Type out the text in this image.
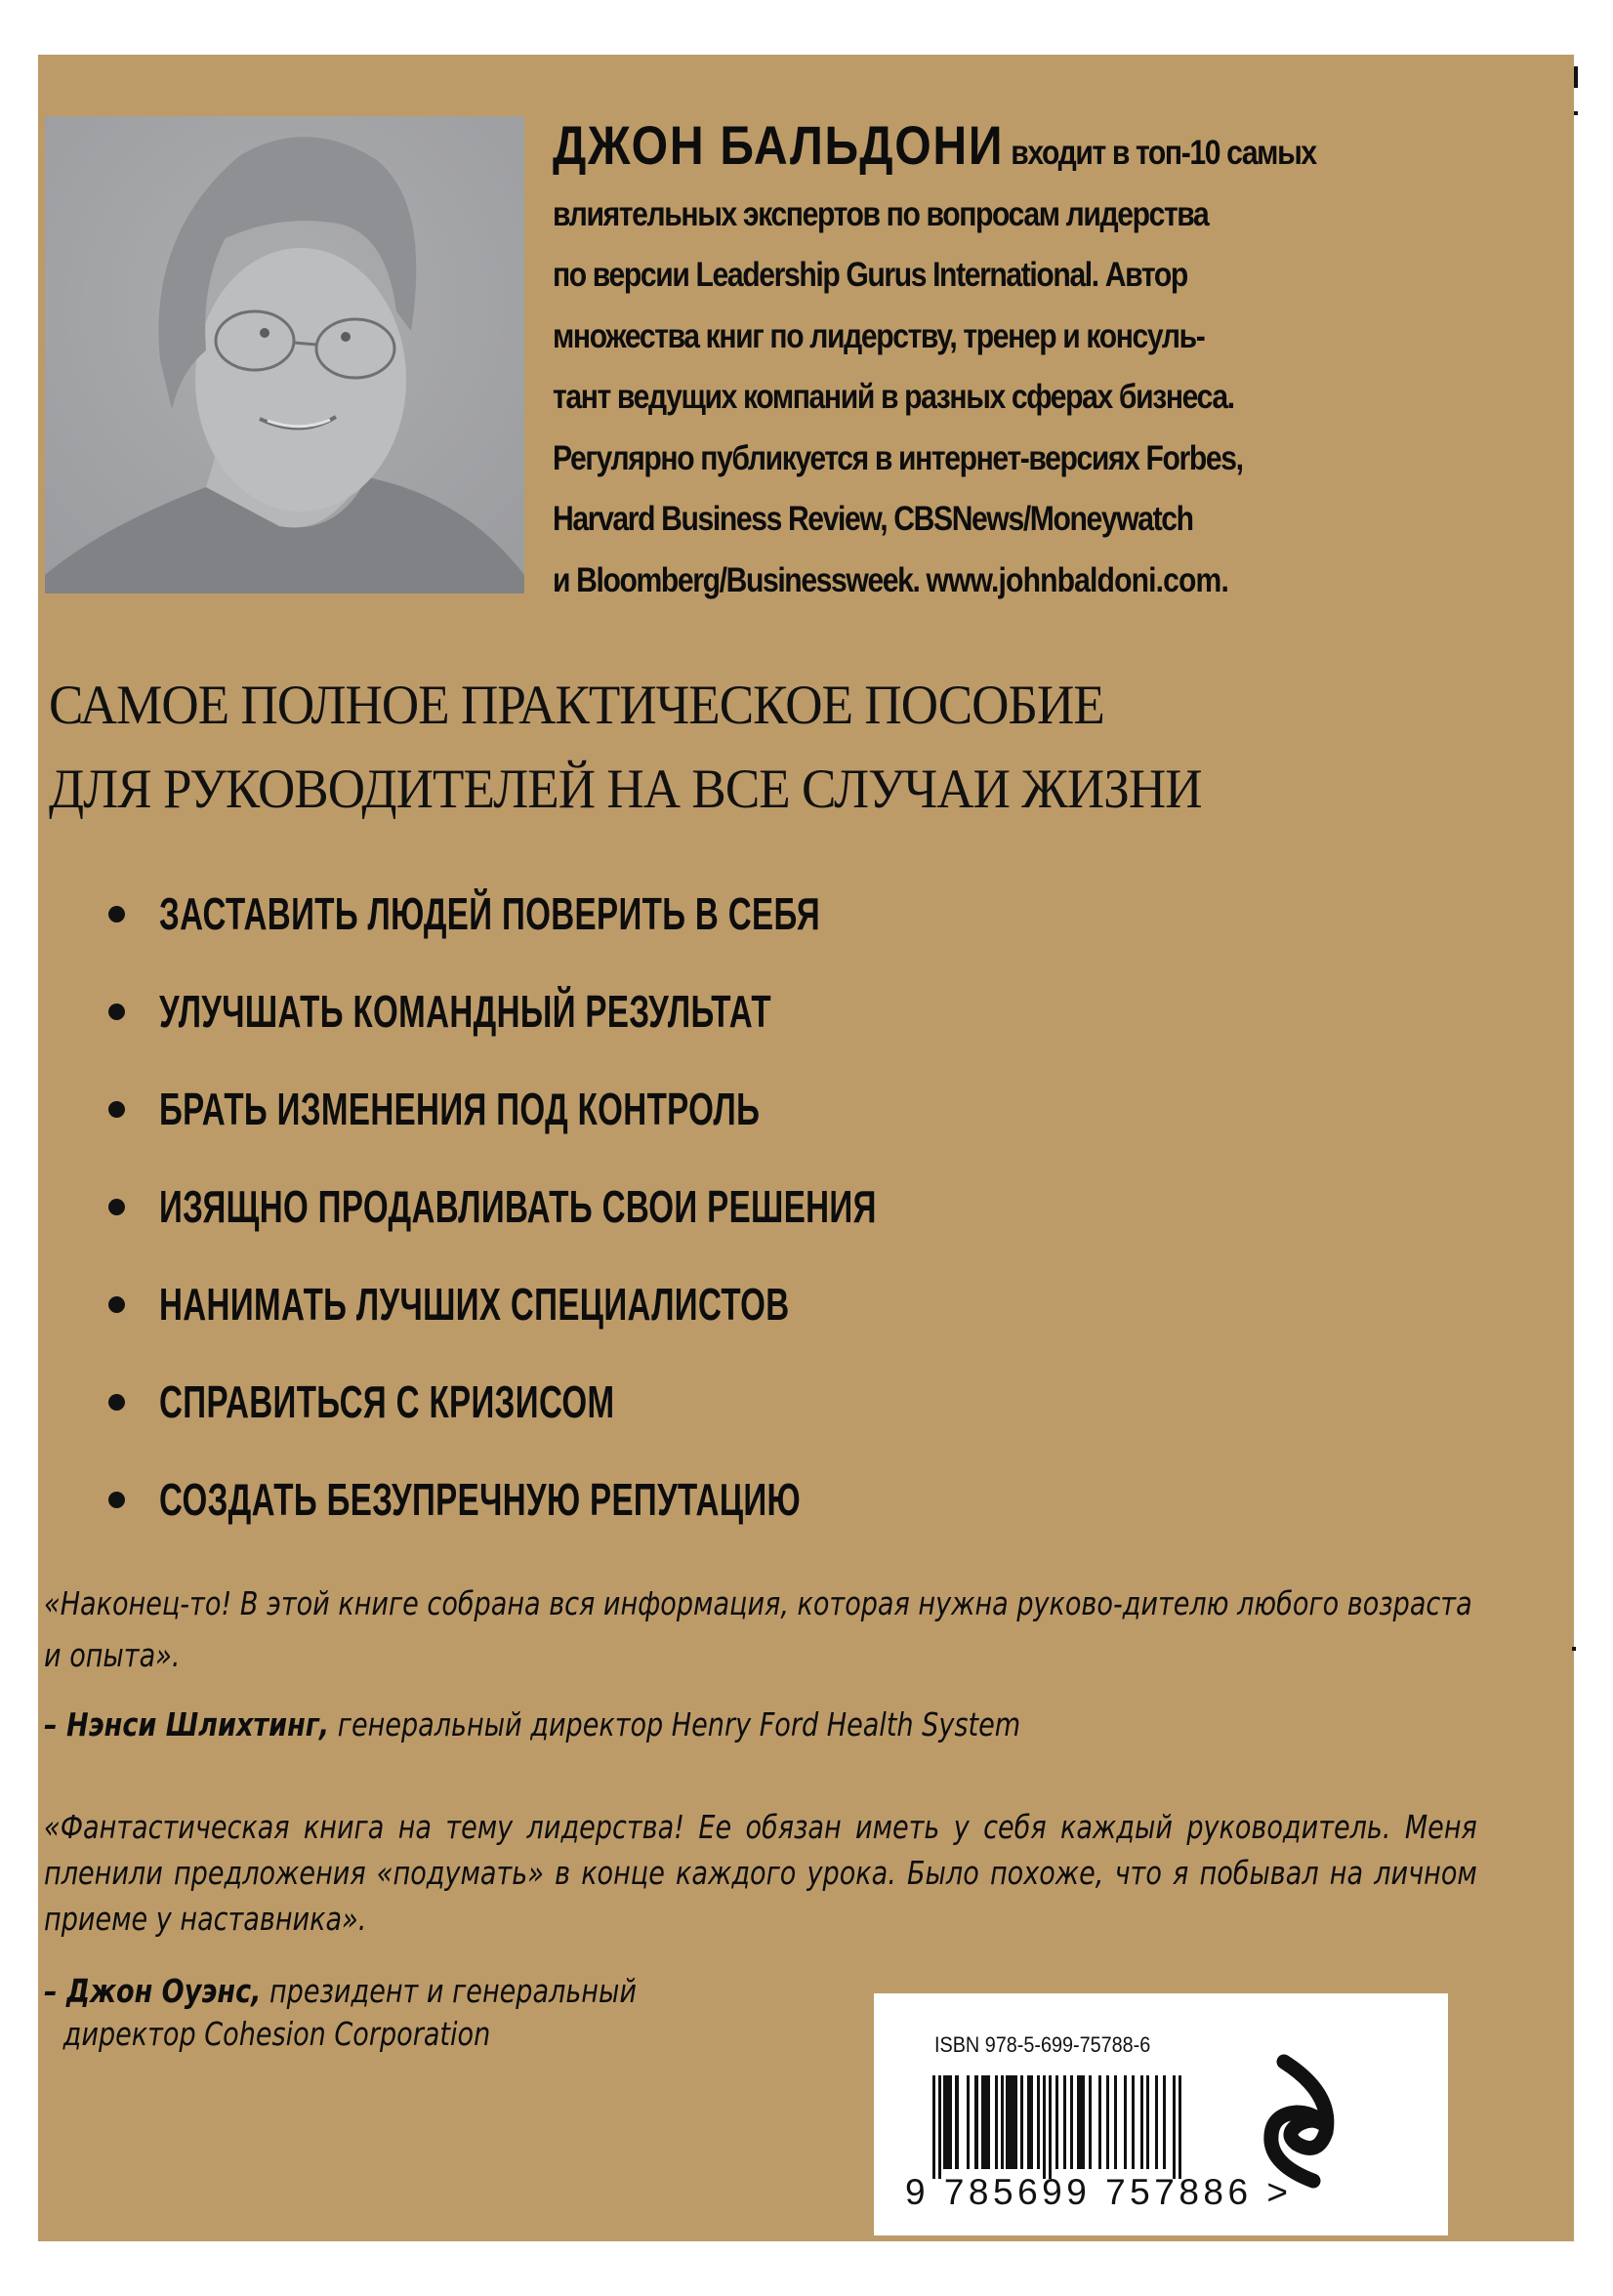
ДЖОН БАЛЬДОНИ входит в топ-10 самых
влиятельных экспертов по вопросам лидерства
по версии Leadership Gurus International. Автор
множества книг по лидерству, тренер и консуль-
тант ведущих компаний в разных сферах бизнеса.
Регулярно публикуется в интернет-версиях Forbes,
Harvard Business Review, CBSNews/Moneywatch
и Bloomberg/Businessweek. www.johnbaldoni.com.
САМОЕ ПОЛНОЕ ПРАКТИЧЕСКОЕ ПОСОБИЕ
ДЛЯ РУКОВОДИТЕЛЕЙ НА ВСЕ СЛУЧАИ ЖИЗНИ
ЗАСТАВИТЬ ЛЮДЕЙ ПОВЕРИТЬ В СЕБЯ
УЛУЧШАТЬ КОМАНДНЫЙ РЕЗУЛЬТАТ
БРАТЬ ИЗМЕНЕНИЯ ПОД КОНТРОЛЬ
ИЗЯЩНО ПРОДАВЛИВАТЬ СВОИ РЕШЕНИЯ
НАНИМАТЬ ЛУЧШИХ СПЕЦИАЛИСТОВ
СПРАВИТЬСЯ С КРИЗИСОМ
СОЗДАТЬ БЕЗУПРЕЧНУЮ РЕПУТАЦИЮ
«Наконец-то! В этой книге собрана вся информация, которая нужна руково-дителю любого возраста и опыта».
– Нэнси Шлихтинг, генеральный директор Henry Ford Health System
«Фантастическая книга на тему лидерства! Ее обязан иметь у себя каждый руководитель. Меня пленили предложения «подумать» в конце каждого урока. Было похоже, что я побывал на личном приеме у наставника».
– Джон Оуэнс, президент и генеральный
директор Cohesion Corporation	ISBN 978-5-699-75788-6
9 785699 757886 >
